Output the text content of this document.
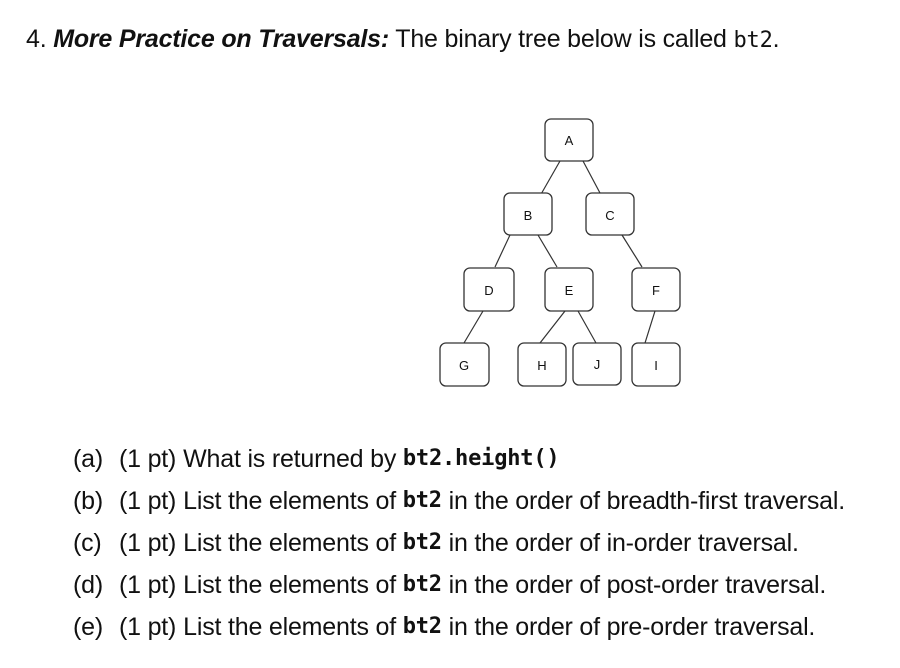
4. More Practice on Traversals: The binary tree below is called bt2.
A
B	C
D	E	F
G	H	J	I
(a) (1 pt) What is returned by
bt2.height()
(b) (1 pt) List the elements of
bt2
in the order of breadth-first traversal.
(c) (1 pt) List the elements of
bt2
in the order of in-order traversal.
(d) (1 pt) List the elements of
bt2
in the order of post-order traversal.
(e) (1 pt) List the elements of
bt2
in the order of pre-order traversal.
